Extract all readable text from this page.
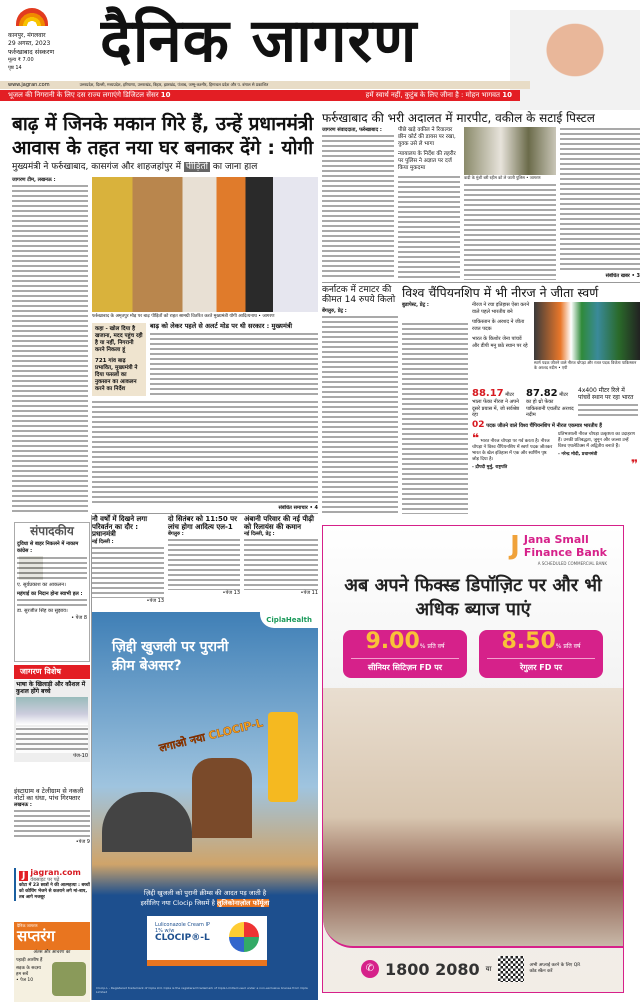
कानपुर, मंगलवार
29 अगस्त, 2023
फर्रुखाबाद संस्करण
मूल्य ₹ 7.00
पृष्ठ 14	दैनिक जागरण
www.jagran.com	उत्तरप्रदेश, दिल्ली, मध्यप्रदेश, हरियाणा, उत्तराखंड, बिहार, झारखंड, पंजाब, जम्मू-कश्मीर, हिमाचल प्रदेश और प. बंगाल से प्रकाशित
भूजल की निगरानी के लिए दस राज्य लगाएंगे डिजिटल सेंसर 10	हमें स्वार्थ नहीं, कुटुंब के लिए जीना है : मोहन भागवत 10
बाढ़ में जिनके मकान गिरे हैं, उन्हें प्रधानमंत्री आवास के तहत नया घर बनाकर देंगे : योगी
मुख्यमंत्री ने फर्रुखाबाद, कासगंज और शाहजहांपुर में पीड़ितों का जाना हाल
जागरण टीम, लखनऊ :
फर्रुखाबाद के अमृतपुर मोड़ पर बाढ़ पीड़ितों को राहत सामग्री वितरित करते मुख्यमंत्री योगी आदित्यनाथ • जागरण
कहा - खोल दिया है खजाना, मदद पहुंच रही है या नहीं, निगरानी करने निकला हूं
721 गांव बाढ़ प्रभावित, मुख्यमंत्री ने दिया फसलों का नुकसान का आकलन करने का निर्देश
बाढ़ को लेकर पहले से अलर्ट मोड पर थी सरकार : मुख्यमंत्री
संबंधित समाचार • 4
फर्रुखाबाद की भरी अदालत में मारपीट, वकील के सटाई पिस्टल
जागरण संवाददाता, फर्रुखाबाद :	पीछे खड़े वकील ने रिवाल्वर छीन कोर्ट की डायस पर रखा, युवक उसे ले भागा
न्यायालय के निर्देश की तहरीर पर पुलिस ने अज्ञात पर दर्ज किया मुकदमा
वादी के मुंशी बरी रहीम को ले जाती पुलिस • जागरण
संबंधित खबर • 3
कर्नाटक में टमाटर की कीमत 14 रुपये किलो
बेंगलुरु, प्रेट्र :
विश्व चैंपियनशिप में भी नीरज ने जीता स्वर्ण
बुडापेस्ट, प्रेट्र :	नीरज ने रचा इतिहास ऐसा करने वाले पहले भारतीय बने
पाकिस्तान के अरशद ने जीता रजत पदक
भारत के किशोर जेना पांचवें और डीपी मनु छठे स्थान पर रहे
स्वर्ण पदक जीतने वाले नीरज चोपड़ा और रजत पदक विजेता पाकिस्तान के अरशद नदीम • एपी
88.17 मीटर
भाला फेंका नीरज ने अपने दूसरे प्रयास में, जो सर्वश्रेष्ठ रहा
87.82 मीटर
का हो थ्रो फेंका पाकिस्तानी एथलीट अरशद नदीम
4x400 मीटर रिले में पांचवें स्थान पर रहा भारत
02 पदक जीतने वाले विश्व चैंपियनशिप में नीरज एकमात्र भारतीय हैं
❝ भारत नीरज चोपड़ा पर गर्व करता है। नीरज चोपड़ा ने विश्व चैंपियनशिप में स्वर्ण पदक जीतकर भारत के खेल इतिहास में एक और स्वर्णिम पृष्ठ जोड़ दिया है।
- द्रौपदी मुर्मु, राष्ट्रपति
प्रतिभाशाली नीरज चोपड़ा उत्कृष्टता का उदाहरण हैं। उनकी प्रतिबद्धता, जुनून और जज्बा उन्हें विश्व एथलेटिक्स में अद्वितीय बनाते हैं।
- नरेन्द्र मोदी, प्रधानमंत्री
❞
नौ वर्षों में दिखने लगा परिवर्तन का दौर : प्रधानमंत्री
नई दिल्ली :
•पेज 13
दो सितंबर को 11:50 पर लांच होगा आदित्य एल-1
बेंगलुरु :
•पेज 13
अंबानी परिवार की नई पीढ़ी को रिलायंस की कमान
नई दिल्ली, प्रेट्र :
•पेज 11
संपादकीय
दुविधा से बाहर निकलने में नाकाम कांग्रेस :
ए. सूर्यप्रकाश का आकलन।
महंगाई का निदान होना स्वाभी हल :
डा. सुरजीत सिंह का सुझाव।
• पेज 8
जागरण विशेष
भाषा के खिलाड़ी और कौशल में कुशल होंगे बच्चे
पेज-10
इंस्टाग्राम व टेलीग्राम से नकली नोटों का धंधा, पांच गिरफ्तार
लखनऊ :
•पेज 9
J jagran.com
वेबसाइट पर पढ़ें
कोटा में 23 छात्रों ने की आत्महत्या : बच्चों को कोचिंग भेजने से कतराने लगे मां-बाप, तब आगे मजबूर
दैनिक जागरण
सप्तरंग
अंतस और आचरण का
पहाड़ी आशीष हैं
सड़क के सदस्य हम सबें
• पेज 10
CiplaHealth
ज़िद्दी खुजली पर पुरानी क्रीम बेअसर?
लगाओ नया CLOCIP-L
ज़िद्दी खुजली को पुरानी क्रीम्स की आदत पड़ जाती है
इसीलिए नया Clocip जिसमें है लुलिकोनाज़ोल फॉर्मूला
Luliconazole Cream IP 1% w/w
CLOCIP®-L
Clocip-L - Registered trademark of Cipla Ltd. Cipla is the registered trademark of Cipla Limited used under a non-exclusive license from Cipla Limited
J Jana Small
Finance Bank
A SCHEDULED COMMERCIAL BANK
अब अपने फिक्स्ड डिपॉज़िट पर और भी अधिक ब्याज पाएं
9.00% प्रति वर्ष
सीनियर सिटिज़न FD पर
8.50% प्रति वर्ष
रेगुलर FD पर
✆ 1800 2080 या	अभी अप्लाई करने के लिए QR कोड स्कैन करें
